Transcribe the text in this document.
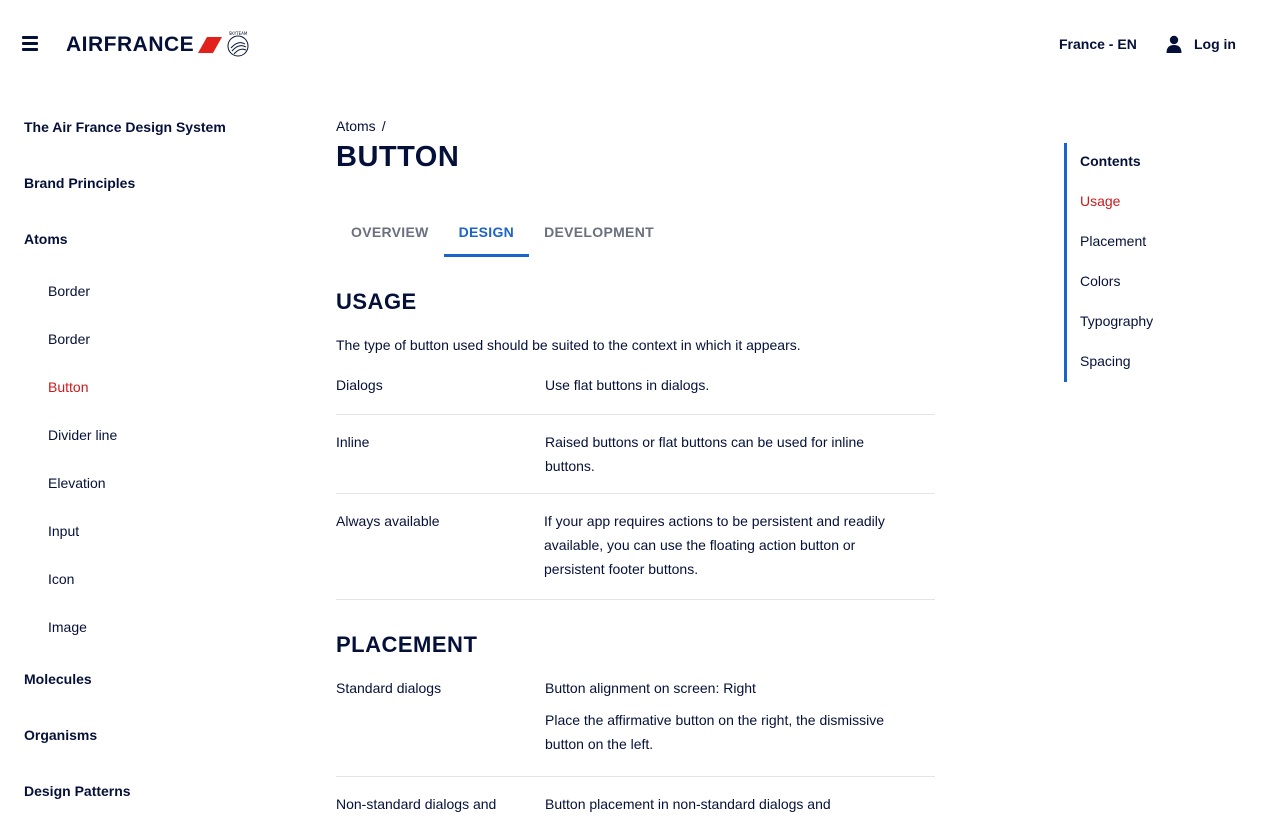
AIRFRANCE	SKYTEAM
France - EN	Log in
The Air France Design System
Brand Principles
Atoms
Border
Border
Button
Divider line
Elevation
Input
Icon
Image
Molecules
Organisms
Design Patterns
Atoms /
BUTTON
OVERVIEW	DESIGN	DEVELOPMENT
USAGE

The type of button used should be suited to the context in which it appears.

Dialogs	Use flat buttons in dialogs.
Inline	Raised buttons or flat buttons can be used for inline buttons.
Always available	If your app requires actions to be persistent and readily available, you can use the floating action button or persistent footer buttons.
PLACEMENT
Standard dialogs	Button alignment on screen: Right

Place the affirmative button on the right, the dismissive button on the left.

Non-standard dialogs and	Button placement in non-standard dialogs and

Contents
Usage
Placement
Colors
Typography
Spacing
